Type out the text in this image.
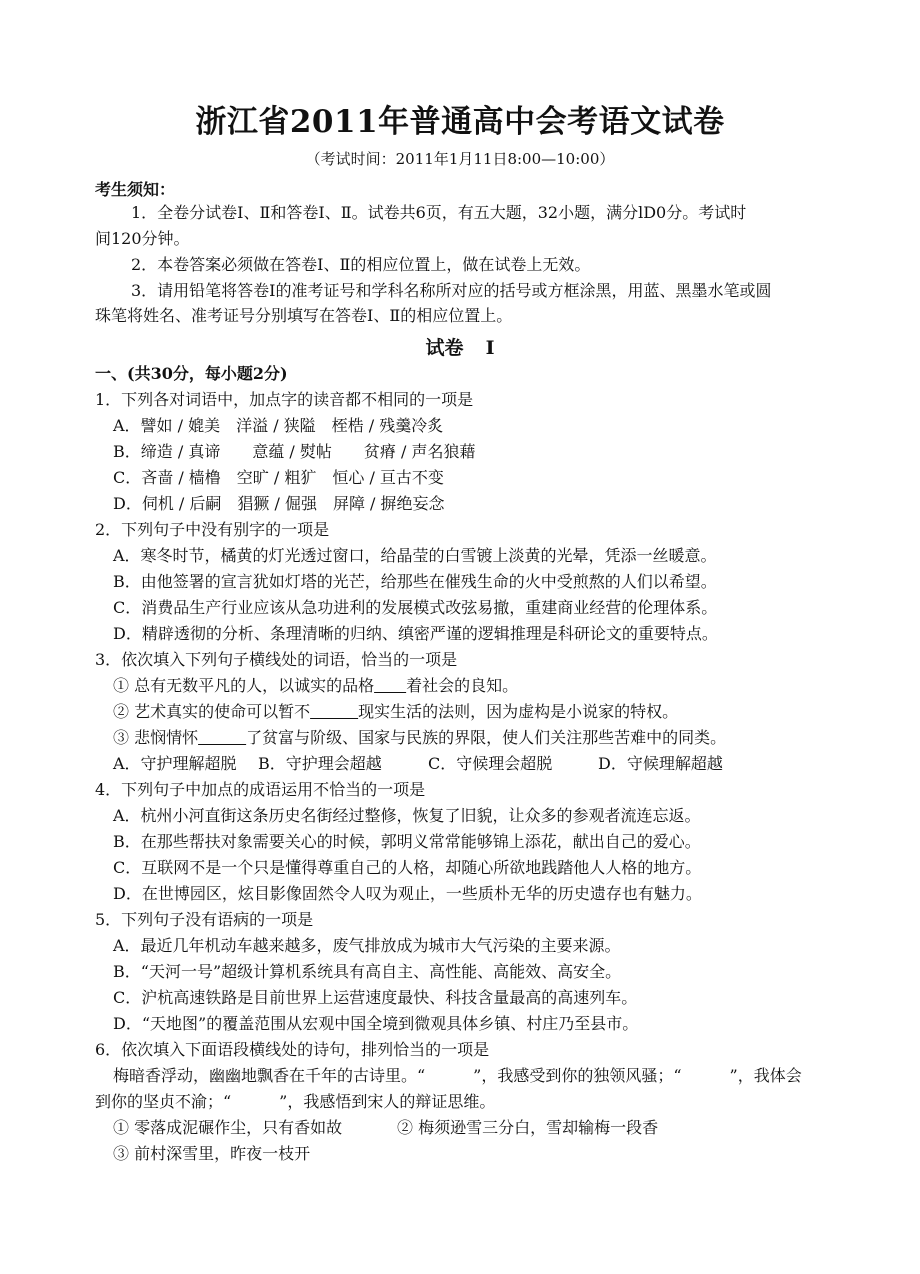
浙江省2011年普通高中会考语文试卷
（考试时间：2011年1月11日8:00—10:00）
考生须知：
1．全卷分试卷Ⅰ、Ⅱ和答卷Ⅰ、Ⅱ。试卷共6页，有五大题，32小题，满分lD0分。考试时
间120分钟。
2．本卷答案必须做在答卷Ⅰ、Ⅱ的相应位置上，做在试卷上无效。
3．请用铅笔将答卷Ⅰ的准考证号和学科名称所对应的括号或方框涂黑，用蓝、黑墨水笔或圆
珠笔将姓名、准考证号分别填写在答卷Ⅰ、Ⅱ的相应位置上。
试卷 I
一、(共30分，每小题2分)
1．下列各对词语中，加点字的读音都不相同的一项是
A．譬如 / 媲美　洋溢 / 狭隘　桎梏 / 残羹冷炙
B．缔造 / 真谛　　意蕴 / 熨帖　　贫瘠 / 声名狼藉
C．吝啬 / 樯橹　空旷 / 粗犷　恒心 / 亘古不变
D．伺机 / 后嗣　猖獗 / 倔强　屏障 / 摒绝妄念
2．下列句子中没有别字的一项是
A．寒冬时节，橘黄的灯光透过窗口，给晶莹的白雪镀上淡黄的光晕，凭添一丝暖意。
B．由他签署的宣言犹如灯塔的光芒，给那些在催残生命的火中受煎熬的人们以希望。
C．消费品生产行业应该从急功进利的发展模式改弦易撤，重建商业经营的伦理体系。
D．精辟透彻的分析、条理清晰的归纳、缜密严谨的逻辑推理是科研论文的重要特点。
3．依次填入下列句子横线处的词语，恰当的一项是
① 总有无数平凡的人，以诚实的品格　　 着社会的良知。
② 艺术真实的使命可以暂不　　　	现实生活的法则，因为虚构是小说家的特权。
③ 悲悯情怀　　　	了贫富与阶级、国家与民族的界限，使人们关注那些苦难中的同类。
A．守护理解超脱 B．守护理会超越	C．守候理会超脱	D．守候理解超越
4．下列句子中加点的成语运用不恰当的一项是
A．杭州小河直街这条历史名街经过整修，恢复了旧貌，让众多的参观者流连忘返。
B．在那些帮扶对象需要关心的时候，郭明义常常能够锦上添花，献出自己的爱心。
C．互联网不是一个只是懂得尊重自己的人格，却随心所欲地践踏他人人格的地方。
D．在世博园区，炫目影像固然令人叹为观止，一些质朴无华的历史遗存也有魅力。
5．下列句子没有语病的一项是
A．最近几年机动车越来越多，废气排放成为城市大气污染的主要来源。
B．“天河一号”超级计算机系统具有高自主、高性能、高能效、高安全。
C．沪杭高速铁路是目前世界上运营速度最快、科技含量最高的高速列车。
D．“天地图”的覆盖范围从宏观中国全境到微观具体乡镇、村庄乃至县市。
6．依次填入下面语段横线处的诗句，排列恰当的一项是
梅暗香浮动，幽幽地飘香在千年的古诗里。“　　　”，我感受到你的独领风骚；“　　　”，我体会
到你的坚贞不渝；“　　　”，我感悟到宋人的辩证思维。
① 零落成泥碾作尘，只有香如故	② 梅须逊雪三分白，雪却输梅一段香
③ 前村深雪里，昨夜一枝开
